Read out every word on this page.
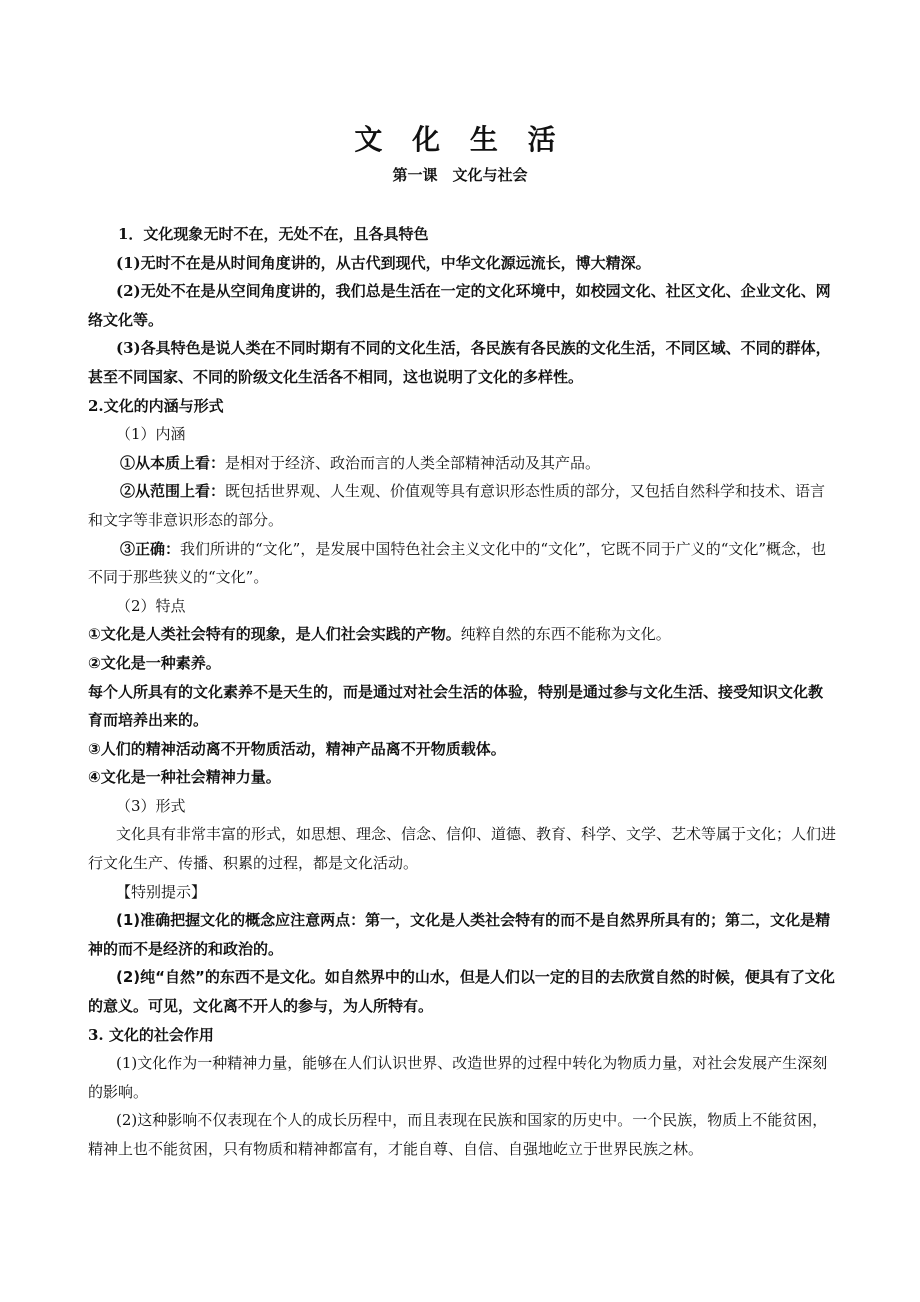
文 化 生 活
第一课　文化与社会

1．文化现象无时不在，无处不在，且各具特色

(1)无时不在是从时间角度讲的，从古代到现代，中华文化源远流长，博大精深。

(2)无处不在是从空间角度讲的，我们总是生活在一定的文化环境中，如校园文化、社区文化、企业文化、网络文化等。

(3)各具特色是说人类在不同时期有不同的文化生活，各民族有各民族的文化生活，不同区域、不同的群体，甚至不同国家、不同的阶级文化生活各不相同，这也说明了文化的多样性。

2.文化的内涵与形式

（1）内涵

①从本质上看：是相对于经济、政治而言的人类全部精神活动及其产品。

②从范围上看：既包括世界观、人生观、价值观等具有意识形态性质的部分，又包括自然科学和技术、语言和文字等非意识形态的部分。

③正确：我们所讲的“文化”，是发展中国特色社会主义文化中的“文化”，它既不同于广义的“文化”概念，也不同于那些狭义的“文化”。

（2）特点

①文化是人类社会特有的现象，是人们社会实践的产物。纯粹自然的东西不能称为文化。

②文化是一种素养。

每个人所具有的文化素养不是天生的，而是通过对社会生活的体验，特别是通过参与文化生活、接受知识文化教育而培养出来的。

③人们的精神活动离不开物质活动，精神产品离不开物质载体。

④文化是一种社会精神力量。

（3）形式

文化具有非常丰富的形式，如思想、理念、信念、信仰、道德、教育、科学、文学、艺术等属于文化；人们进行文化生产、传播、积累的过程，都是文化活动。

【特别提示】

(1)准确把握文化的概念应注意两点：第一，文化是人类社会特有的而不是自然界所具有的；第二，文化是精神的而不是经济的和政治的。

(2)纯“自然”的东西不是文化。如自然界中的山水，但是人们以一定的目的去欣赏自然的时候，便具有了文化的意义。可见，文化离不开人的参与，为人所特有。

3. 文化的社会作用

(1)文化作为一种精神力量，能够在人们认识世界、改造世界的过程中转化为物质力量，对社会发展产生深刻的影响。

(2)这种影响不仅表现在个人的成长历程中，而且表现在民族和国家的历史中。一个民族，物质上不能贫困，精神上也不能贫困，只有物质和精神都富有，才能自尊、自信、自强地屹立于世界民族之林。
